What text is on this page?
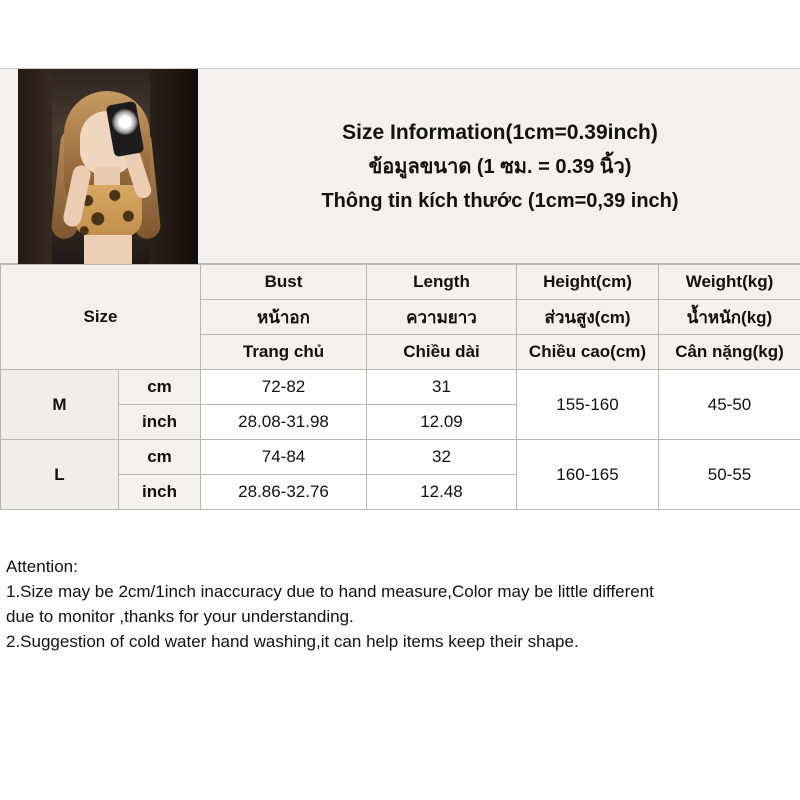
Size Information(1cm=0.39inch)
ข้อมูลขนาด (1 ซม. = 0.39 นิ้ว)
Thông tin kích thước (1cm=0,39 inch)
Size		Bust	Length	Height(cm)	Weight(kg)
		หน้าอก	ความยาว	ส่วนสูง(cm)	น้ำหนัก(kg)
		Trang chủ	Chiều dài	Chiều cao(cm)	Cân nặng(kg)
M	cm	72-82	31	155-160	45-50
	inch	28.08-31.98	12.09		
L	cm	74-84	32	160-165	50-55
	inch	28.86-32.76	12.48		

Attention:

1.Size may be 2cm/1inch inaccuracy due to hand measure,Color may be little different

due to monitor ,thanks for your understanding.

2.Suggestion of cold water hand washing,it can help items keep their shape.
